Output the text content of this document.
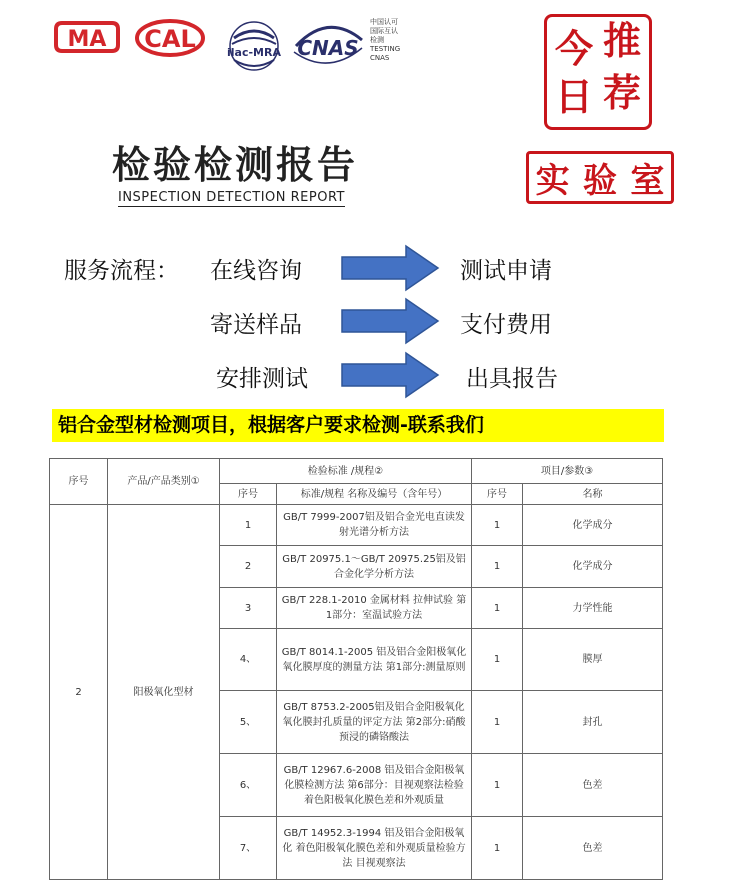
MA CAL	ilac-MRA CNAS
中国认可
国际互认
检测
TESTING
CNAS	今 推
日 荐
实 验 室
检验检测报告
INSPECTION DETECTION REPORT
服务流程： 在线咨询	测试申请
寄送样品	支付费用
安排测试	出具报告
铝合金型材检测项目，根据客户要求检测-联系我们
序号	产品/产品类别①	检验标准 /规程②		项目/参数③	
		序号	标准/规程 名称及编号（含年号）	序号	名称
2	阳极氧化型材	1	GB/T 7999-2007铝及铝合金光电直读发射光谱分析方法	1	化学成分
		2	GB/T 20975.1～GB/T 20975.25铝及铝合金化学分析方法	1	化学成分
		3	GB/T 228.1-2010 金属材料 拉伸试验 第1部分：室温试验方法	1	力学性能
		4、	GB/T 8014.1-2005 铝及铝合金阳极氧化 氧化膜厚度的测量方法 第1部分:测量原则	1	膜厚
		5、	GB/T 8753.2-2005铝及铝合金阳极氧化 氧化膜封孔质量的评定方法 第2部分:硝酸预浸的磷铬酸法	1	封孔
		6、	GB/T 12967.6-2008 铝及铝合金阳极氧化膜检测方法 第6部分：目视观察法检验着色阳极氧化膜色差和外观质量	1	色差
		7、	GB/T 14952.3-1994 铝及铝合金阳极氧化 着色阳极氧化膜色差和外观质量检验方法 目视观察法	1	色差
